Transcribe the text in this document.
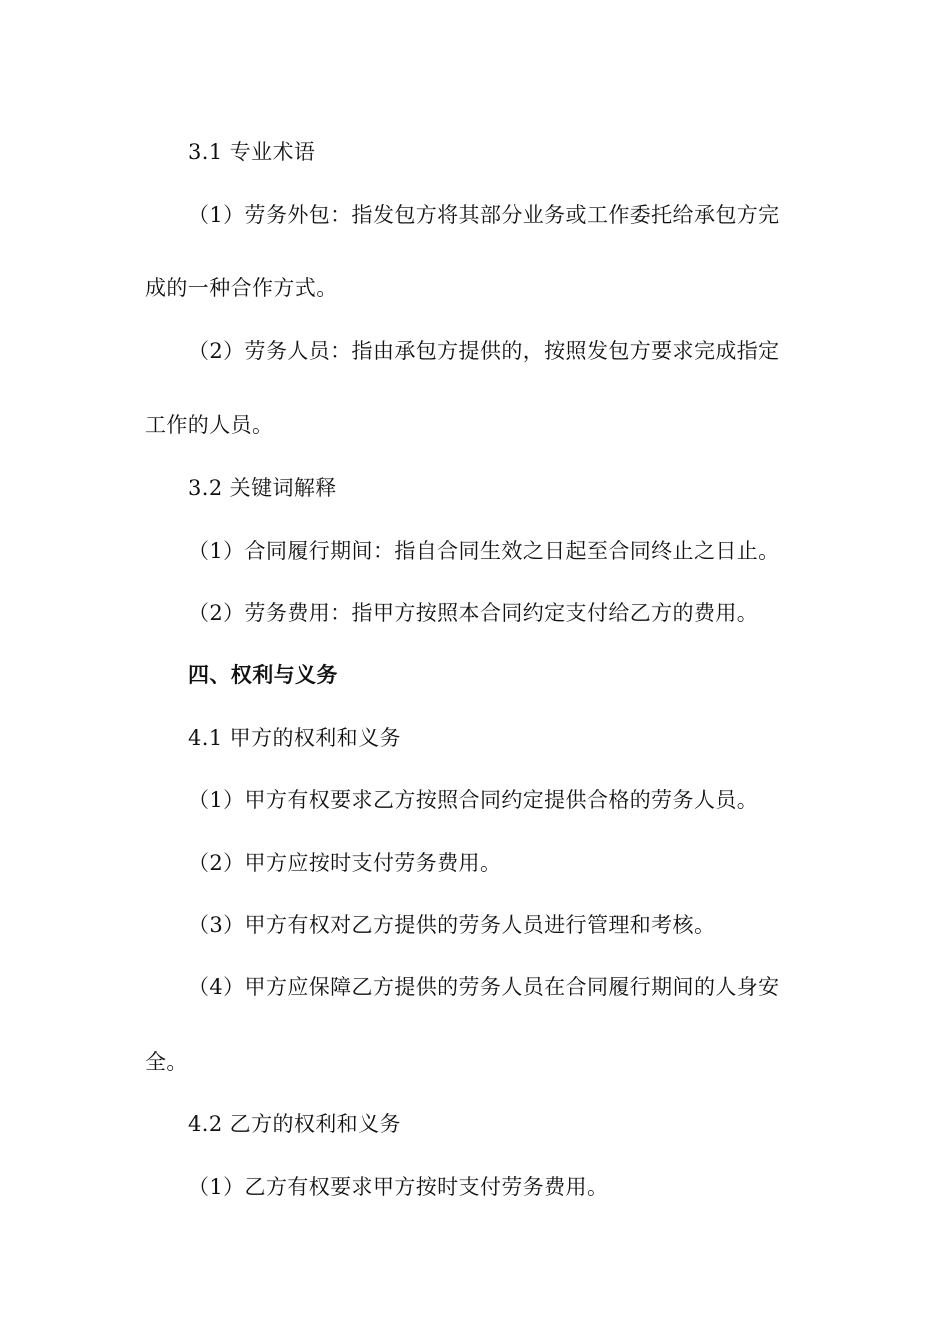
3.1 专业术语
（1）劳务外包：指发包方将其部分业务或工作委托给承包方完
成的一种合作方式。
（2）劳务人员：指由承包方提供的，按照发包方要求完成指定
工作的人员。
3.2 关键词解释
（1）合同履行期间：指自合同生效之日起至合同终止之日止。
（2）劳务费用：指甲方按照本合同约定支付给乙方的费用。
四、权利与义务
4.1 甲方的权利和义务
（1）甲方有权要求乙方按照合同约定提供合格的劳务人员。
（2）甲方应按时支付劳务费用。
（3）甲方有权对乙方提供的劳务人员进行管理和考核。
（4）甲方应保障乙方提供的劳务人员在合同履行期间的人身安
全。
4.2 乙方的权利和义务
（1）乙方有权要求甲方按时支付劳务费用。
